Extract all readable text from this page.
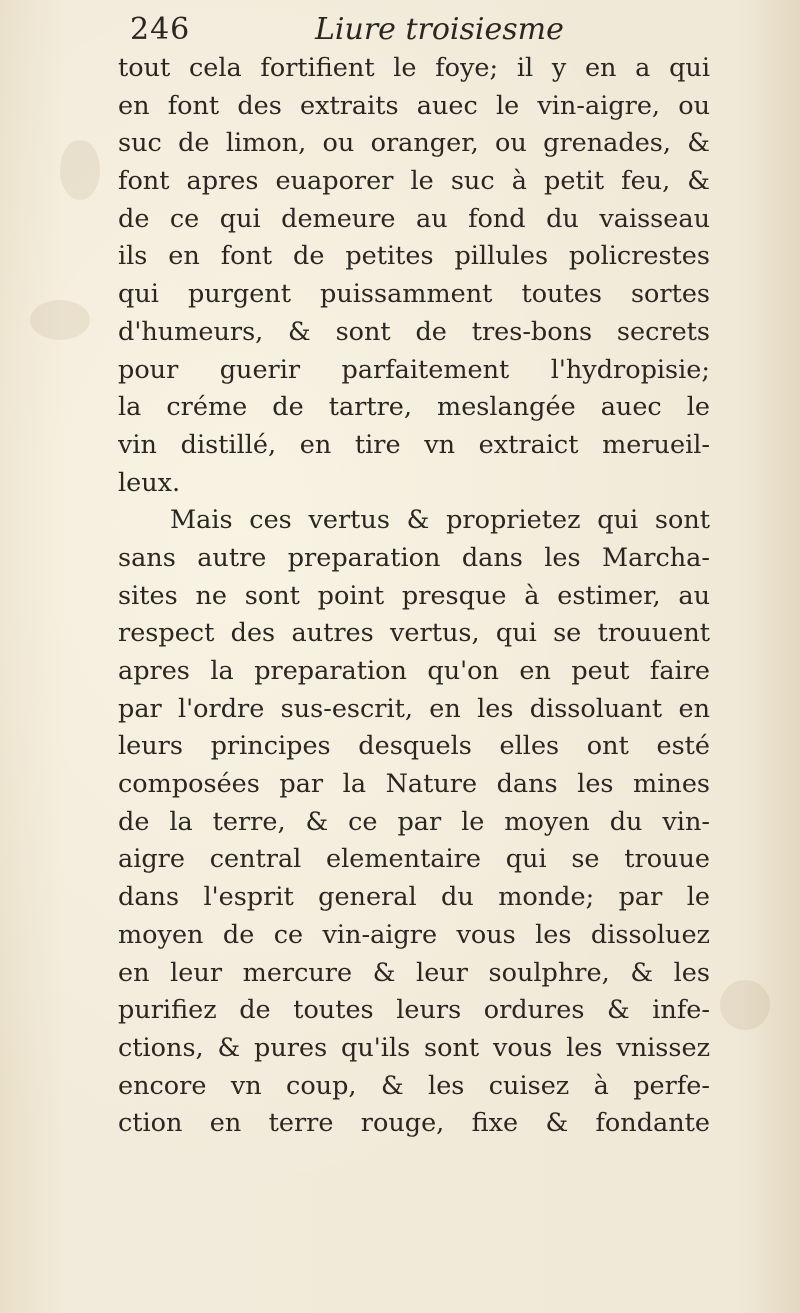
246	Liure troisiesme
tout cela fortifient le foye; il y en a qui
en font des extraits auec le vin-aigre, ou
suc de limon, ou oranger, ou grenades, &
font apres euaporer le suc à petit feu, &
de ce qui demeure au fond du vaisseau
ils en font de petites pillules policrestes
qui purgent puissamment toutes sortes
d'humeurs, & sont de tres-bons secrets
pour guerir parfaitement l'hydropisie;
la créme de tartre, meslangée auec le
vin distillé, en tire vn extraict merueil-
leux.
Mais ces vertus & proprietez qui sont
sans autre preparation dans les Marcha-
sites ne sont point presque à estimer, au
respect des autres vertus, qui se trouuent
apres la preparation qu'on en peut faire
par l'ordre sus-escrit, en les dissoluant en
leurs principes desquels elles ont esté
composées par la Nature dans les mines
de la terre, & ce par le moyen du vin-
aigre central elementaire qui se trouue
dans l'esprit general du monde; par le
moyen de ce vin-aigre vous les dissoluez
en leur mercure & leur soulphre, & les
purifiez de toutes leurs ordures & infe-
ctions, & pures qu'ils sont vous les vnissez
encore vn coup, & les cuisez à perfe-
ction en terre rouge, fixe & fondante
